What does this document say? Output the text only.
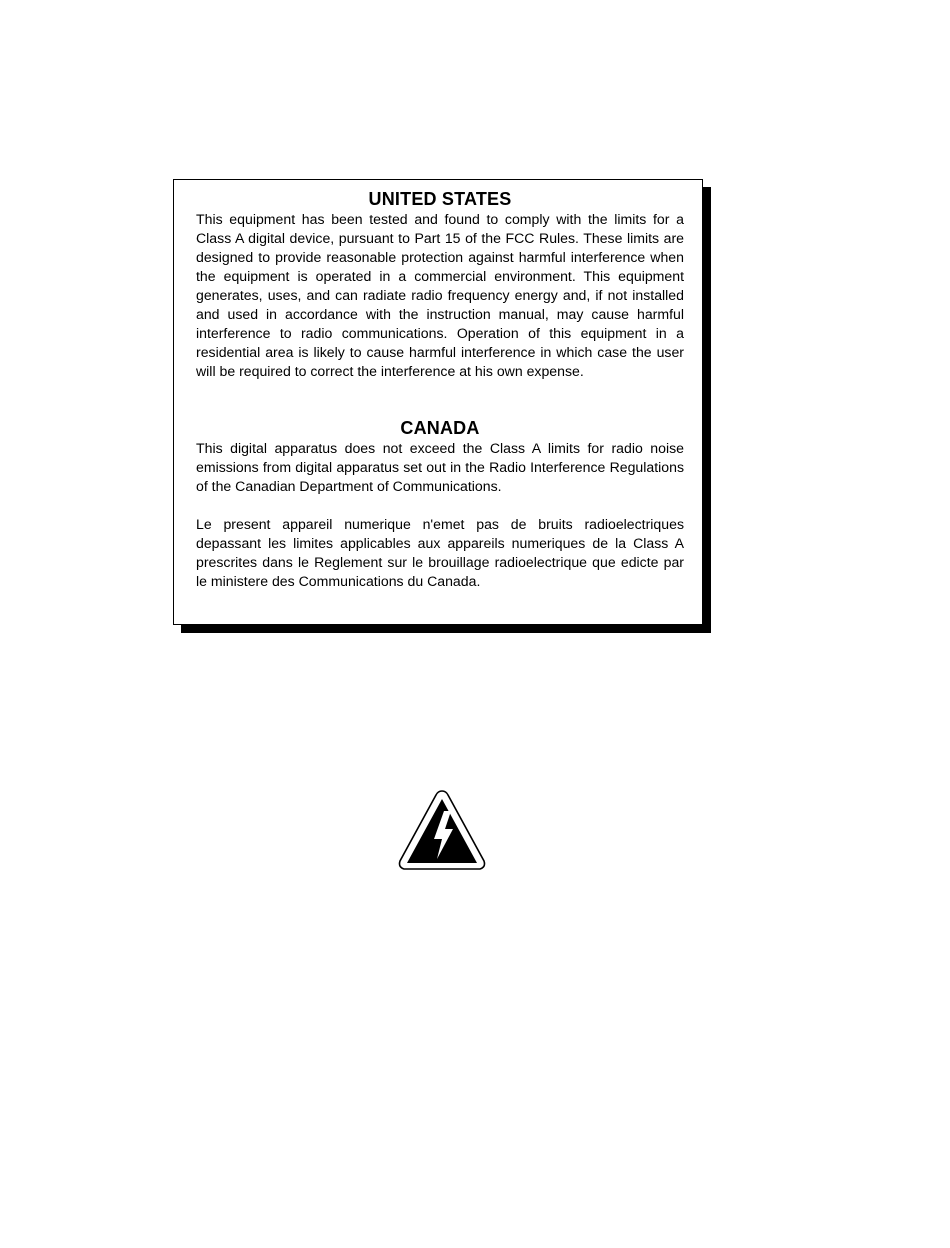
UNITED STATES

This equipment has been tested and found to comply with the limits for a Class A digital device, pursuant to Part 15 of the FCC Rules. These limits are designed to provide reasonable protection against harmful interference when the equipment is operated in a commercial environment. This equipment generates, uses, and can radiate radio frequency energy and, if not installed and used in accordance with the instruction manual, may cause harmful interference to radio communications. Operation of this equipment in a residential area is likely to cause harmful interference in which case the user will be required to correct the interference at his own expense.

CANADA

This digital apparatus does not exceed the Class A limits for radio noise emissions from digital apparatus set out in the Radio Interference Regulations of the Canadian Department of Communications.

Le present appareil numerique n'emet pas de bruits radioelectriques depassant les limites applicables aux appareils numeriques de la Class A prescrites dans le Reglement sur le brouillage radioelectrique que edicte par le ministere des Communications du Canada.
